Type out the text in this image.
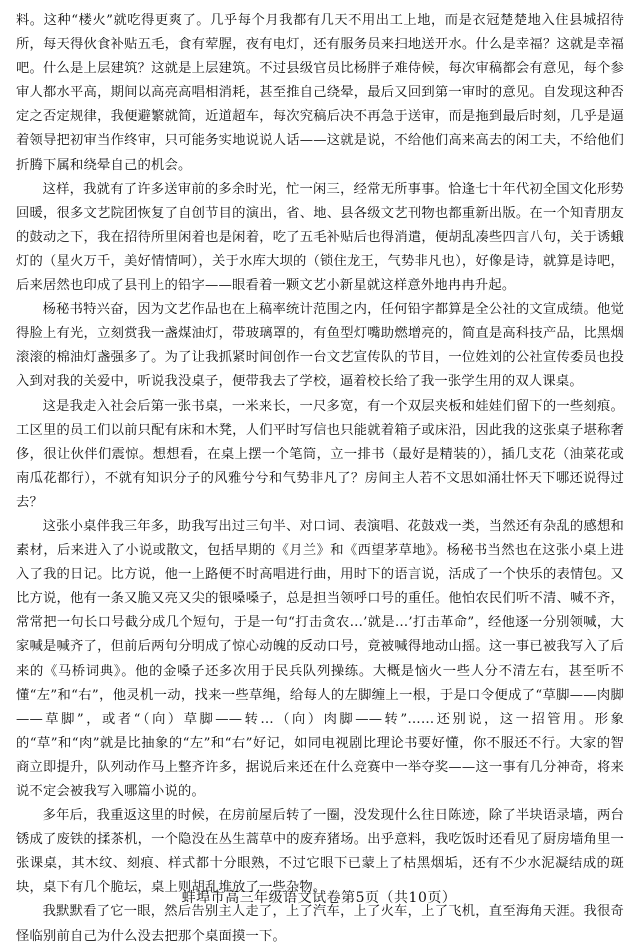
料。这种“楼火”就吃得更爽了。几乎每个月我都有几天不用出工上地，而是衣冠楚楚地入住县城招待所，每天得伙食补贴五毛，食有荤腥，夜有电灯，还有服务员来扫地送开水。什么是幸福？这就是幸福吧。什么是上层建筑？这就是上层建筑。不过县级官员比杨胖子难侍候，每次审稿都会有意见，每个参审人都水平高，期间以高亮高唱相消耗，甚至推自己绕晕，最后又回到第一审时的意见。自发现这种否定之否定规律，我便避繁就简，近道超车，每次究稿后决不再急于送审，而是拖到最后时刻，几乎是逼着领导把初审当作终审，只可能务实地说说人话——这就是说，不给他们高来高去的闲工夫，不给他们折腾下属和绕晕自己的机会。

这样，我就有了许多送审前的多余时光，忙一闲三，经常无所事事。恰逢七十年代初全国文化形势回暖，很多文艺院团恢复了自创节目的演出，省、地、县各级文艺刊物也都重新出版。在一个知青朋友的鼓动之下，我在招待所里闲着也是闲着，吃了五毛补贴后也得消遣，便胡乱凑些四言八句，关于诱蛾灯的（星火万千，美好情情呵），关于水库大坝的（锁住龙王，气势非凡也），好像是诗，就算是诗吧，后来居然也印成了县刊上的铅字——眼看着一颗文艺小新星就这样意外地冉冉升起。

杨秘书特兴奋，因为文艺作品也在上稿率统计范围之内，任何铅字都算是全公社的文宣成绩。他觉得脸上有光，立刻赏我一盏煤油灯，带玻璃罩的，有鱼型灯嘴助燃增亮的，简直是高科技产品，比黑烟滚滚的棉油灯盏强多了。为了让我抓紧时间创作一台文艺宣传队的节目，一位姓刘的公社宣传委员也投入到对我的关爱中，听说我没桌子，便带我去了学校，逼着校长给了我一张学生用的双人课桌。

这是我走入社会后第一张书桌，一米来长，一尺多宽，有一个双层夹板和娃娃们留下的一些刻痕。工区里的员工们以前只配有床和木凳，人们平时写信也只能就着箱子或床沿，因此我的这张桌子堪称奢侈，很让伙伴们震惊。想想看，在桌上摆一个笔筒，立一排书（最好是精装的），插几支花（油菜花或南瓜花都行），不就有知识分子的风雅兮兮和气势非凡了？房间主人若不文思如涌壮怀天下哪还说得过去？

这张小桌伴我三年多，助我写出过三句半、对口词、表演唱、花鼓戏一类，当然还有杂乱的感想和素材，后来进入了小说或散文，包括早期的《月兰》和《西望茅草地》。杨秘书当然也在这张小桌上进入了我的日记。比方说，他一上路便不时高唱进行曲，用时下的语言说，活成了一个快乐的表情包。又比方说，他有一条又脆又亮又尖的银嗓嗓子，总是担当领呼口号的重任。他怕农民们听不清、喊不齐，常常把一句长口号截分成几个短句，于是一句“打击贪农…’就是…’打击革命”，经他逐一分别领喊，大家喊是喊齐了，但前后两句分明成了惊心动魄的反动口号，竟被喊得地动山摇。这一事已被我写入了后来的《马桥词典》。他的金嗓子还多次用于民兵队列操练。大概是恼火一些人分不清左右，甚至听不懂“左”和“右”，他灵机一动，找来一些草绳，给每人的左脚缠上一根，于是口令便成了“草脚——肉脚——草脚”，或者“（向）草脚——转…（向）肉脚——转”……还别说，这一招管用。形象的“草”和“肉”就是比抽象的“左”和“右”好记，如同电视剧比理论书要好懂，你不服还不行。大家的智商立即提升，队列动作马上整齐许多，据说后来还在什么竞赛中一举夺奖——这一事有几分神奇，将来说不定会被我写入哪篇小说的。

多年后，我重返这里的时候，在房前屋后转了一圈，没发现什么往日陈迹，除了半块语录墙，两台锈成了废铁的揉茶机，一个隐没在丛生蒿草中的废弃猪场。出乎意料，我吃饭时还看见了厨房墙角里一张课桌，其木纹、刻痕、样式都十分眼熟，不过它眼下已蒙上了枯黑烟垢，还有不少水泥凝结成的斑块，桌下有几个脆坛，桌上则胡乱堆放了一些杂物。

我默默看了它一眼，然后告别主人走了，上了汽车，上了火车，上了飞机，直至海角天涯。我很奇怪临别前自己为什么没去把那个桌面摸一下。

蚌埠市高三年级语文试卷第5页（共10页）
